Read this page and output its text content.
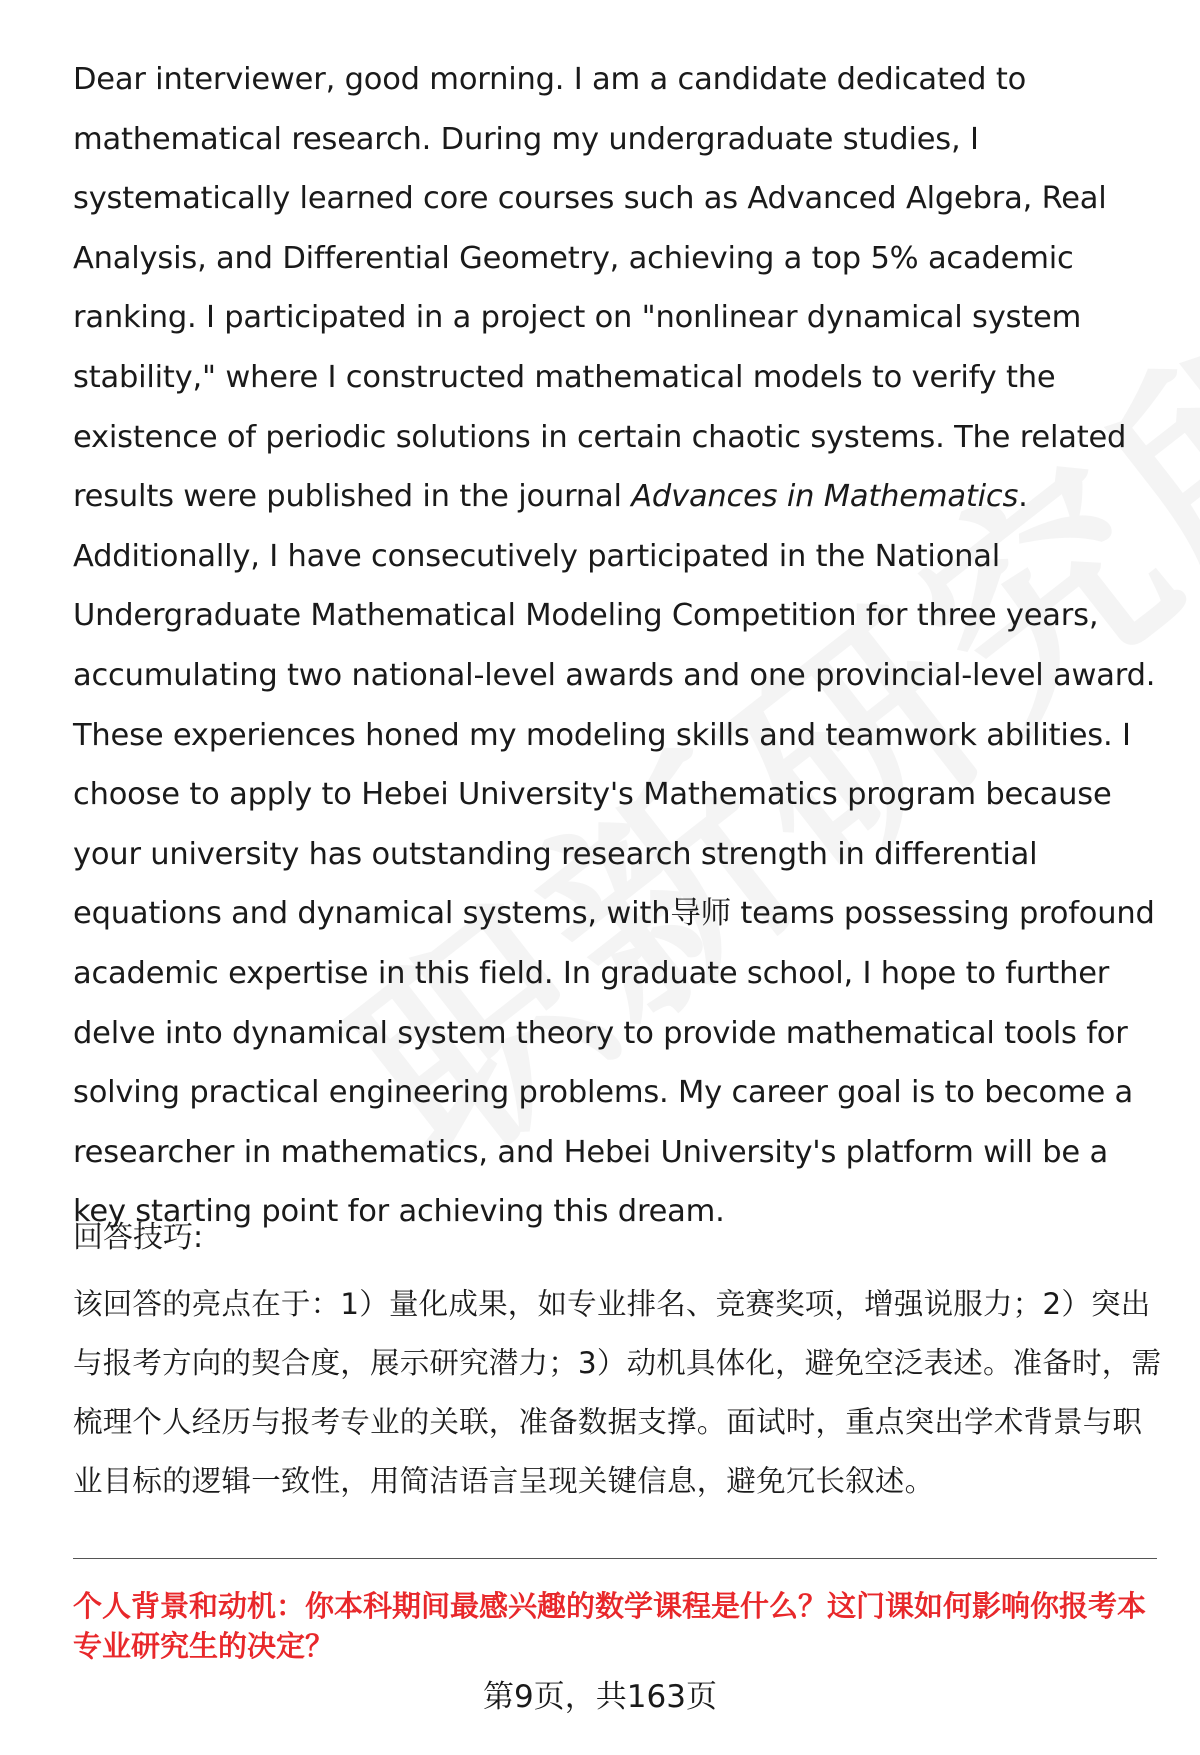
Dear interviewer, good morning. I am a candidate dedicated to mathematical research. During my undergraduate studies, I systematically learned core courses such as Advanced Algebra, Real Analysis, and Differential Geometry, achieving a top 5% academic ranking. I participated in a project on "nonlinear dynamical system stability," where I constructed mathematical models to verify the existence of periodic solutions in certain chaotic systems. The related results were published in the journal Advances in Mathematics. Additionally, I have consecutively participated in the National Undergraduate Mathematical Modeling Competition for three years, accumulating two national-level awards and one provincial-level award. These experiences honed my modeling skills and teamwork abilities. I choose to apply to Hebei University's Mathematics program because your university has outstanding research strength in differential equations and dynamical systems, with导师 teams possessing profound academic expertise in this field. In graduate school, I hope to further delve into dynamical system theory to provide mathematical tools for solving practical engineering problems. My career goal is to become a researcher in mathematics, and Hebei University's platform will be a key starting point for achieving this dream.

回答技巧:

该回答的亮点在于：1）量化成果，如专业排名、竞赛奖项，增强说服力；2）突出与报考方向的契合度，展示研究潜力；3）动机具体化，避免空泛表述。准备时，需梳理个人经历与报考专业的关联，准备数据支撑。面试时，重点突出学术背景与职业目标的逻辑一致性，用简洁语言呈现关键信息，避免冗长叙述。

个人背景和动机：你本科期间最感兴趣的数学课程是什么？这门课如何影响你报考本专业研究生的决定？

第9页，共163页
